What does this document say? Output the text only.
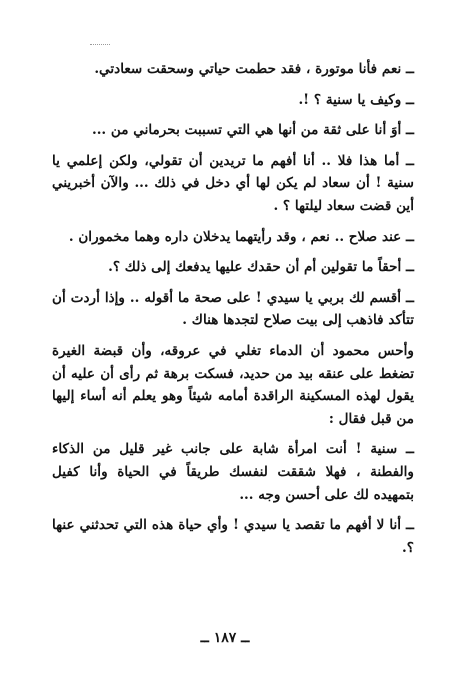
ــ نعم فأنا موتورة ، فقد حطمت حياتي وسحقت سعادتي.

ــ وكيف يا سنية ؟ !.

ــ أوَ أنا على ثقة من أنها هي التي تسببت بحرماني من ...

ــ أما هذا فلا .. أنا أفهم ما تريدين أن تقولي، ولكن إعلمي يا سنية ! أن سعاد لم يكن لها أي دخل في ذلك ... والآن أخبريني أين قضت سعاد ليلتها ؟ .

ــ عند صلاح .. نعم ، وقد رأيتهما يدخلان داره وهما مخموران .

ــ أحقاً ما تقولين أم أن حقدك عليها يدفعك إلى ذلك ؟.

ــ أقسم لك بربي يا سيدي ! على صحة ما أقوله .. وإذا أردت أن تتأكد فاذهب إلى بيت صلاح لتجدها هناك .

وأحس محمود أن الدماء تغلي في عروقه، وأن قبضة الغيرة تضغط على عنقه بيد من حديد، فسكت برهة ثم رأى أن عليه أن يقول لهذه المسكينة الراقدة أمامه شيئاً وهو يعلم أنه أساء إليها من قبل فقال :

ــ سنية ! أنت امرأة شابة على جانب غير قليل من الذكاء والفطنة ، فهلا شققت لنفسك طريقاً في الحياة وأنا كفيل بتمهيده لك على أحسن وجه ...

ــ أنا لا أفهم ما تقصد يا سيدي ! وأي حياة هذه التي تحدثني عنها ؟.

ــ ١٨٧ ــ
